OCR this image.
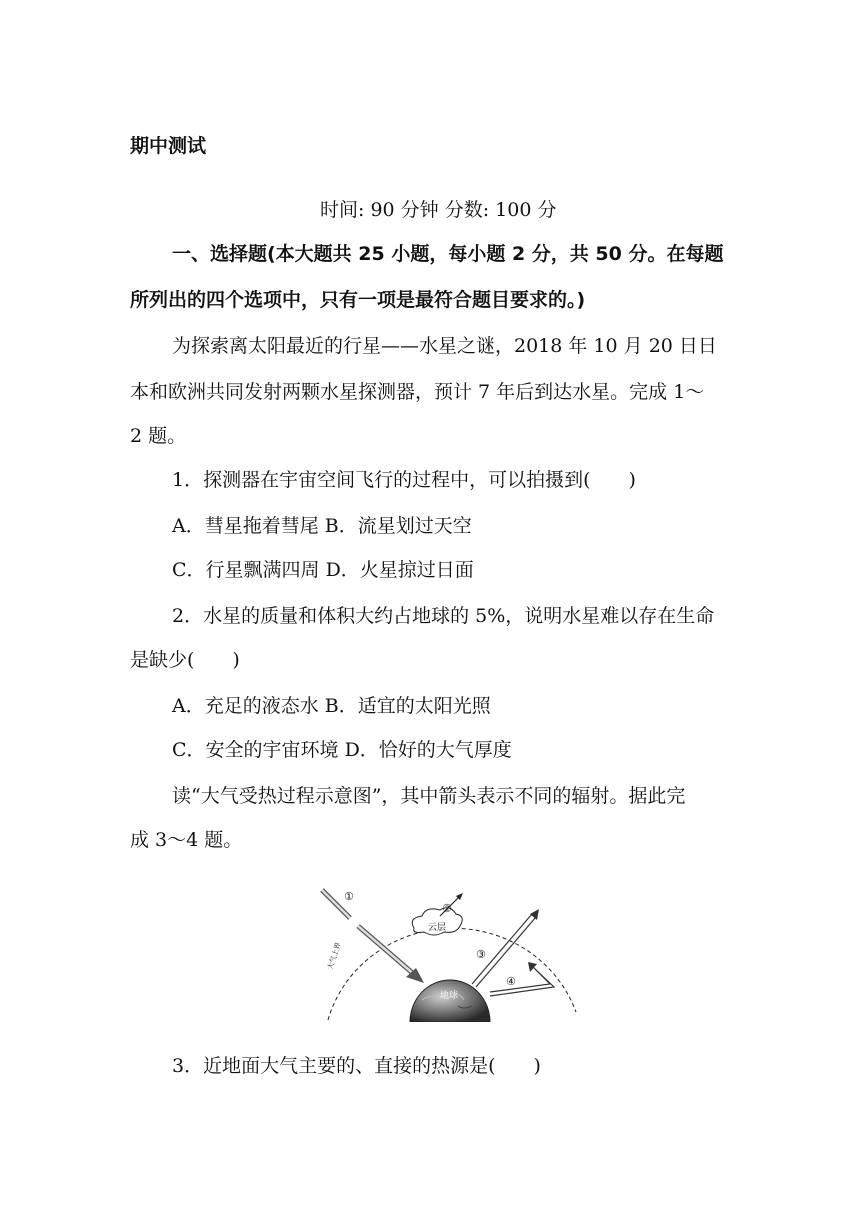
期中测试
时间: 90 分钟 分数: 100 分
一、选择题(本大题共 25 小题，每小题 2 分，共 50 分。在每题
所列出的四个选项中，只有一项是最符合题目要求的。)
为探索离太阳最近的行星——水星之谜，2018 年 10 月 20 日日
本和欧洲共同发射两颗水星探测器，预计 7 年后到达水星。完成 1～
2 题。
1．探测器在宇宙空间飞行的过程中，可以拍摄到(　　)
A．彗星拖着彗尾 B．流星划过天空
C．行星飘满四周 D．火星掠过日面
2．水星的质量和体积大约占地球的 5%，说明水星难以存在生命
是缺少(　　)
A．充足的液态水 B．适宜的太阳光照
C．安全的宇宙环境 D．恰好的大气厚度
读“大气受热过程示意图”，其中箭头表示不同的辐射。据此完
成 3～4 题。
①
②
云层
③
④
地球
大气上界
3．近地面大气主要的、直接的热源是(　　)
